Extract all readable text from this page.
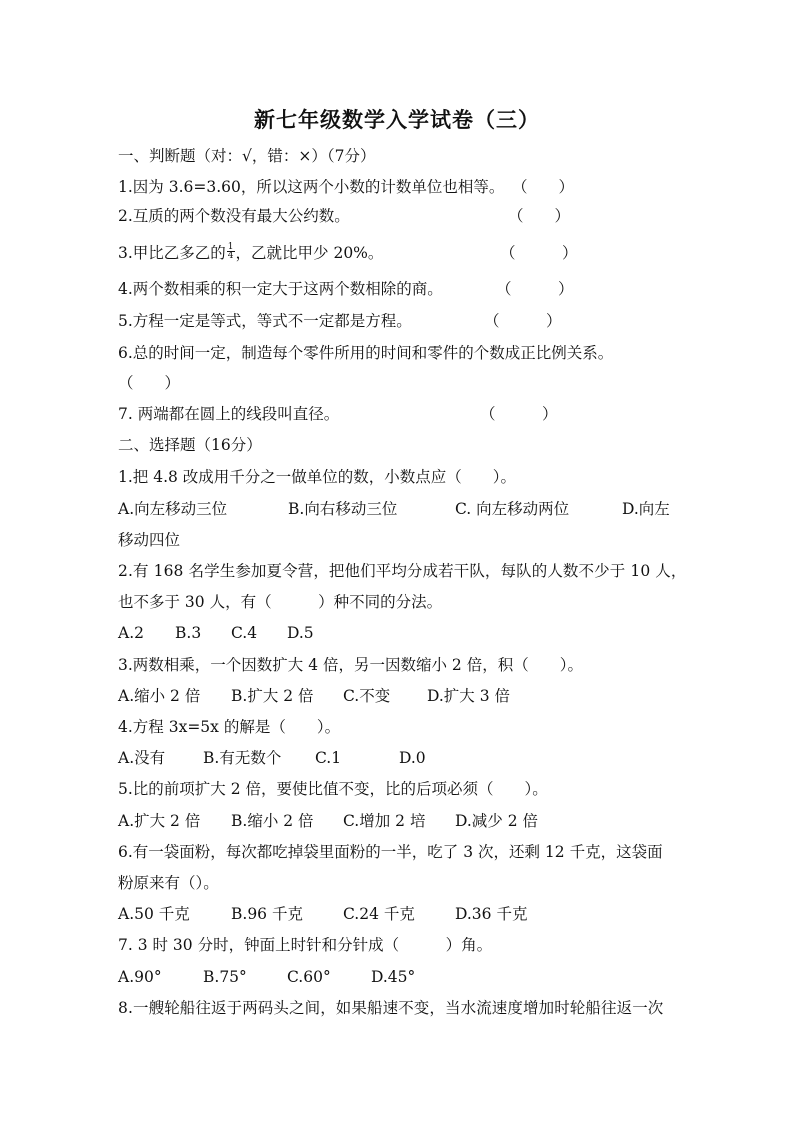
新七年级数学入学试卷（三）
一、判断题（对：√，错：×）（7分）
1.因为 3.6=3.60，所以这两个小数的计数单位也相等。 （　　）
2.互质的两个数没有最大公约数。	（　　）
3.甲比乙多乙的 $\frac{1}{4}$ ，乙就比甲少 20%。	（　　　）
4.两个数相乘的积一定大于这两个数相除的商。	（　　　）
5.方程一定是等式，等式不一定都是方程。	（　　　）
6.总的时间一定，制造每个零件所用的时间和零件的个数成正比例关系。
（　　）
7. 两端都在圆上的线段叫直径。	（　　　）
二、选择题（16分）
1.把 4.8 改成用千分之一做单位的数，小数点应（　　）。
A.向左移动三位	B.向右移动三位	C. 向左移动两位	D.向左
移动四位
2.有 168 名学生参加夏令营，把他们平均分成若干队，每队的人数不少于 10 人，
也不多于 30 人，有（　　　）种不同的分法。
A.2 B.3 C.4 D.5
3.两数相乘，一个因数扩大 4 倍，另一因数缩小 2 倍，积（　　）。
A.缩小 2 倍 B.扩大 2 倍 C.不变 D.扩大 3 倍
4.方程 3x=5x 的解是（　　）。
A.没有 B.有无数个 C.1	D.0
5.比的前项扩大 2 倍，要使比值不变，比的后项必须（　　）。
A.扩大 2 倍 B.缩小 2 倍 C.增加 2 培 D.减少 2 倍
6.有一袋面粉，每次都吃掉袋里面粉的一半，吃了 3 次，还剩 12 千克，这袋面
粉原来有（）。
A.50 千克	B.96 千克	C.24 千克	D.36 千克
7. 3 时 30 分时，钟面上时针和分针成（　　　）角。
A.90°	B.75°	C.60°	D.45°
8.一艘轮船往返于两码头之间，如果船速不变，当水流速度增加时轮船往返一次
